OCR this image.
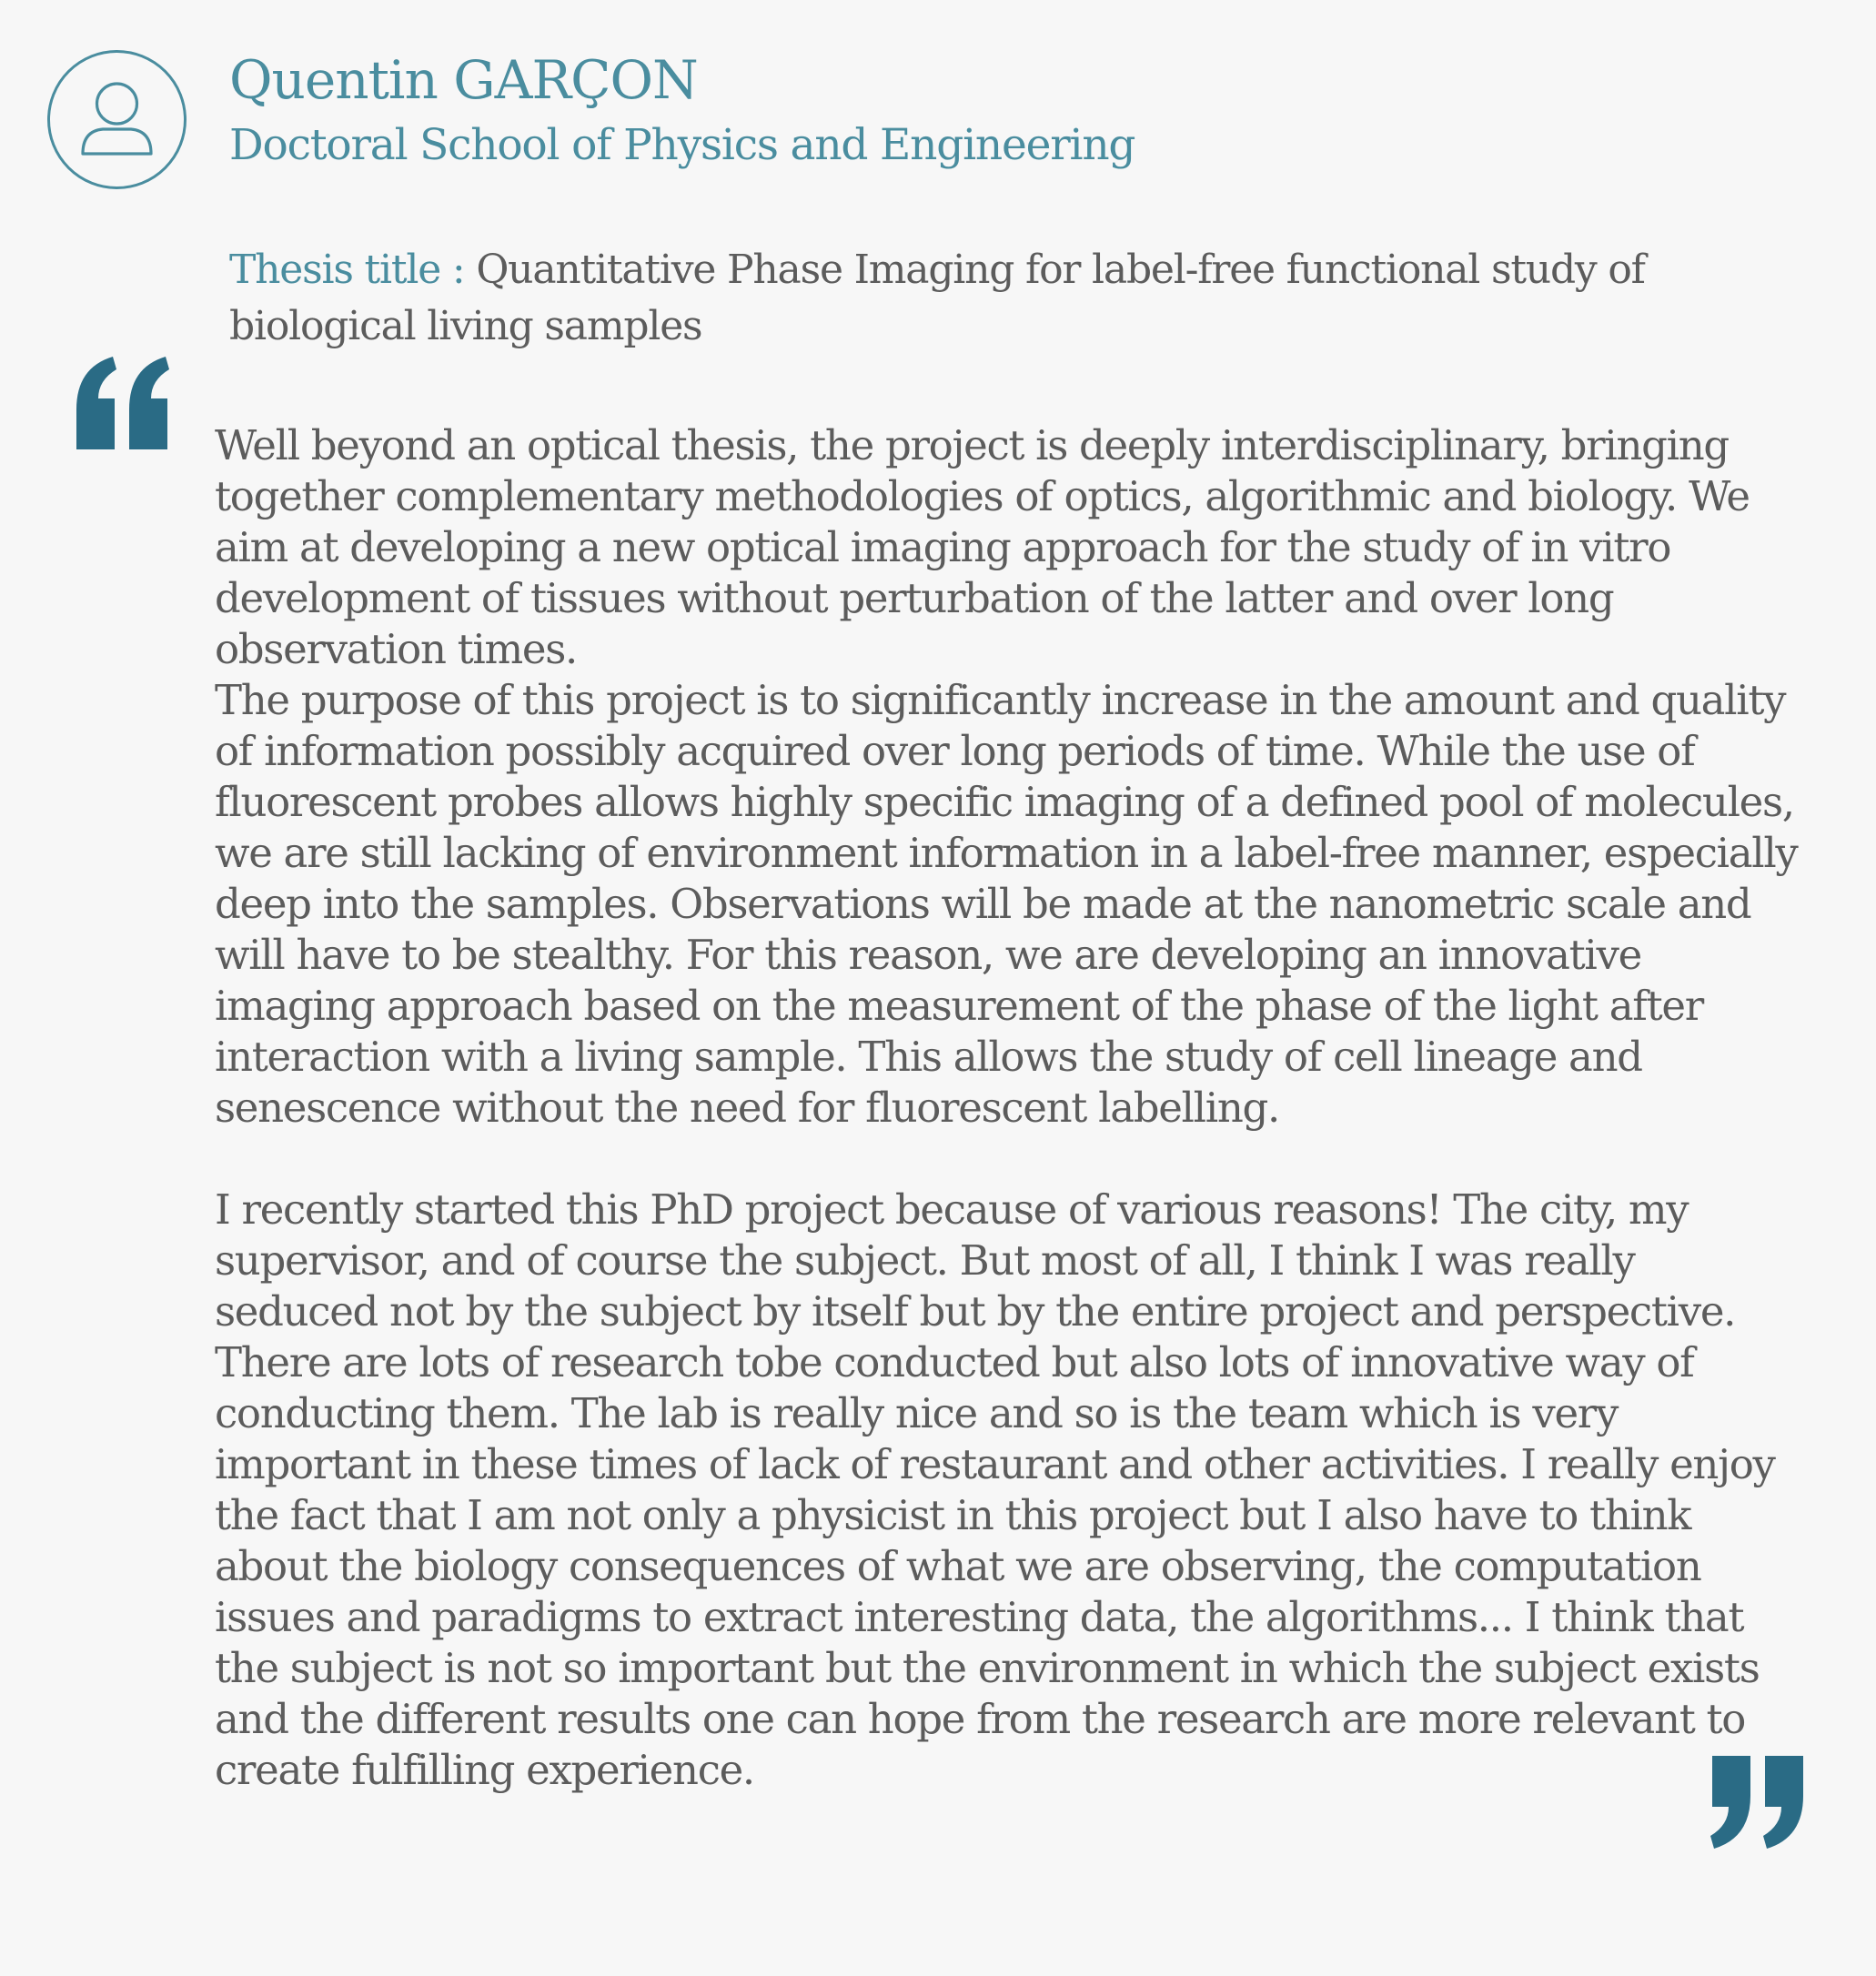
Quentin GARÇON
Doctoral School of Physics and Engineering
Thesis title : Quantitative Phase Imaging for label-free functional study of biological living samples

Well beyond an optical thesis, the project is deeply interdisciplinary, bringing together complementary methodologies of optics, algorithmic and biology. We aim at developing a new optical imaging approach for the study of in vitro development of tissues without perturbation of the latter and over long observation times.

The purpose of this project is to significantly increase in the amount and quality of information possibly acquired over long periods of time. While the use of fluorescent probes allows highly specific imaging of a defined pool of molecules, we are still lacking of environment information in a label-free manner, especially deep into the samples. Observations will be made at the nanometric scale and will have to be stealthy. For this reason, we are developing an innovative imaging approach based on the measurement of the phase of the light after interaction with a living sample. This allows the study of cell lineage and senescence without the need for fluorescent labelling.

I recently started this PhD project because of various reasons! The city, my supervisor, and of course the subject. But most of all, I think I was really seduced not by the subject by itself but by the entire project and perspective. There are lots of research tobe conducted but also lots of innovative way of conducting them. The lab is really nice and so is the team which is very important in these times of lack of restaurant and other activities. I really enjoy the fact that I am not only a physicist in this project but I also have to think about the biology consequences of what we are observing, the computation issues and paradigms to extract interesting data, the algorithms... I think that the subject is not so important but the environment in which the subject exists and the different results one can hope from the research are more relevant to create fulfilling experience.
